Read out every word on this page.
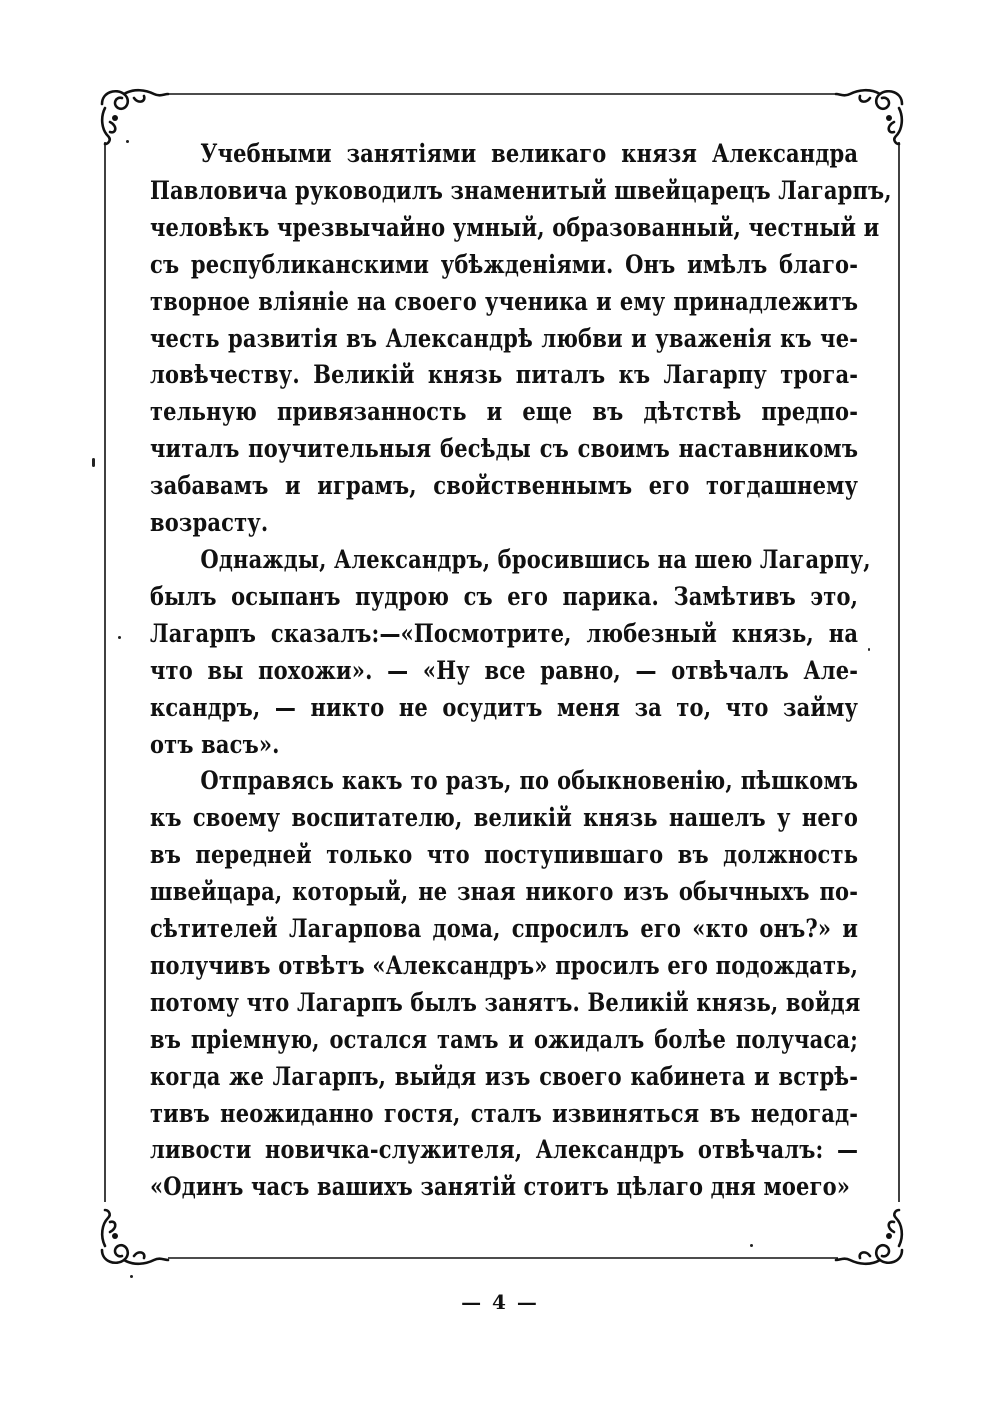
Учебными занятіями великаго князя Александра
Павловича руководилъ знаменитый швейцарецъ Лагарпъ,
человѣкъ чрезвычайно умный, образованный, честный и
съ республиканскими убѣжденіями. Онъ имѣлъ благо-
творное вліяніе на своего ученика и ему принадлежитъ
честь развитія въ Александрѣ любви и уваженія къ че-
ловѣчеству. Великій князь питалъ къ Лагарпу трога-
тельную привязанность и еще въ дѣтствѣ предпо-
читалъ поучительныя бесѣды съ своимъ наставникомъ
забавамъ и играмъ, свойственнымъ его тогдашнему
возрасту.

Однажды, Александръ, бросившись на шею Лагарпу,
былъ осыпанъ пудрою съ его парика. Замѣтивъ это,
Лагарпъ сказалъ:—«Посмотрите, любезный князь, на
что вы похожи». — «Ну все равно, — отвѣчалъ Але-
ксандръ, — никто не осудитъ меня за то, что займу
отъ васъ».

Отправясь какъ то разъ, по обыкновенію, пѣшкомъ
къ своему воспитателю, великій князь нашелъ у него
въ передней только что поступившаго въ должность
швейцара, который, не зная никого изъ обычныхъ по-
сѣтителей Лагарпова дома, спросилъ его «кто онъ?» и
получивъ отвѣтъ «Александръ» просилъ его подождать,
потому что Лагарпъ былъ занятъ. Великій князь, войдя
въ пріемную, остался тамъ и ожидалъ болѣе получаса;
когда же Лагарпъ, выйдя изъ своего кабинета и встрѣ-
тивъ неожиданно гостя, сталъ извиняться въ недогад-
ливости новичка-служителя, Александръ отвѣчалъ: —
«Одинъ часъ вашихъ занятій стоитъ цѣлаго дня моего»

— 4 —
